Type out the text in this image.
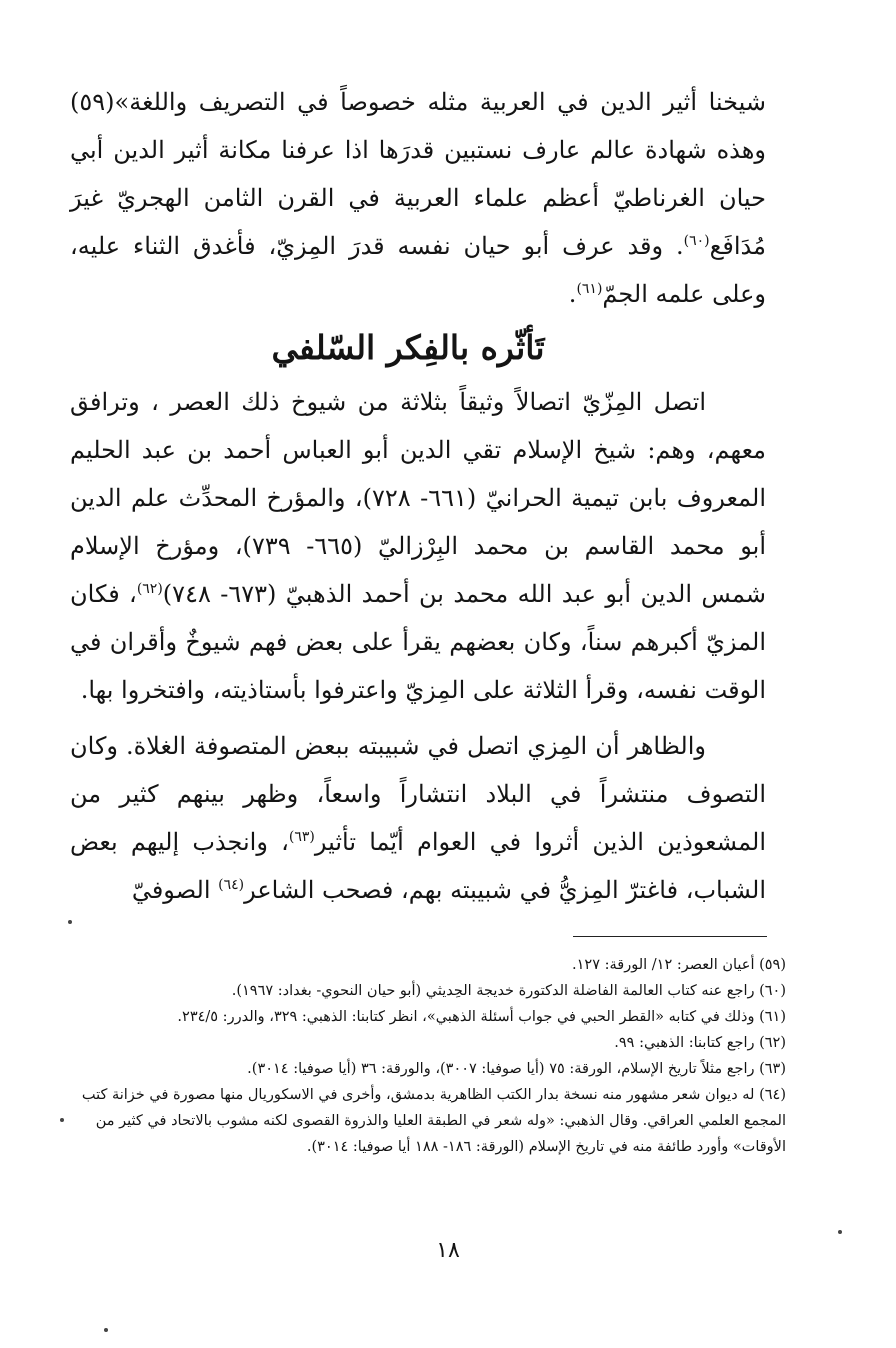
شيخنا أثير الدين في العربية مثله خصوصاً في التصريف واللغة»(٥٩) وهذه شهادة عالم عارف نستبين قدرَها اذا عرفنا مكانة أثير الدين أبي حيان الغرناطيّ أعظم علماء العربية في القرن الثامن الهجريّ غيرَ مُدَافَع$^{(٦٠)}$. وقد عرف أبو حيان نفسه قدرَ المِزيّ، فأغدق الثناء عليه، وعلى علمه الجمّ$^{(٦١)}$.

تَأثّره بالفِكر السّلفي

اتصل المِزّيّ اتصالاً وثيقاً بثلاثة من شيوخ ذلك العصر ، وترافق معهم، وهم: شيخ الإسلام تقي الدين أبو العباس أحمد بن عبد الحليم المعروف بابن تيمية الحرانيّ (٦٦١- ٧٢٨)، والمؤرخ المحدِّث علم الدين أبو محمد القاسم بن محمد البِرْزاليّ (٦٦٥- ٧٣٩)، ومؤرخ الإسلام شمس الدين أبو عبد الله محمد بن أحمد الذهبيّ (٦٧٣- ٧٤٨)$^{(٦٢)}$، فكان المزيّ أكبرهم سناً، وكان بعضهم يقرأ على بعض فهم شيوخٌ وأقران في الوقت نفسه، وقرأ الثلاثة على المِزيّ واعترفوا بأستاذيته، وافتخروا بها.

والظاهر أن المِزي اتصل في شبيبته ببعض المتصوفة الغلاة. وكان التصوف منتشراً في البلاد انتشاراً واسعاً، وظهر بينهم كثير من المشعوذين الذين أثروا في العوام أيّما تأثير$^{(٦٣)}$، وانجذب إليهم بعض الشباب، فاغترّ المِزيُّ في شبيبته بهم، فصحب الشاعر$^{(٦٤)}$ الصوفيّ

(٥٩) أعيان العصر: ١٢/ الورقة: ١٢٧.

(٦٠) راجع عنه كتاب العالمة الفاضلة الدكتورة خديجة الحِديثي (أبو حيان النحوي- بغداد: ١٩٦٧).

(٦١) وذلك في كتابه «القطر الحبي في جواب أسئلة الذهبي»، انظر كتابنا: الذهبي: ٣٢٩، والدرر: ٢٣٤/٥.

(٦٢) راجع كتابنا: الذهبي: ٩٩.

(٦٣) راجع مثلاً تاريخ الإسلام، الورقة: ٧٥ (أيا صوفيا: ٣٠٠٧)، والورقة: ٣٦ (أيا صوفيا: ٣٠١٤).

(٦٤) له ديوان شعر مشهور منه نسخة بدار الكتب الظاهرية بدمشق، وأخرى في الاسكوريال منها مصورة في خزانة كتب المجمع العلمي العراقي. وقال الذهبي: «وله شعر في الطبقة العليا والذروة القصوى لكنه مشوب بالاتحاد في كثير من الأوقات» وأورد طائفة منه في تاريخ الإسلام (الورقة: ١٨٦- ١٨٨ أيا صوفيا: ٣٠١٤).

١٨
